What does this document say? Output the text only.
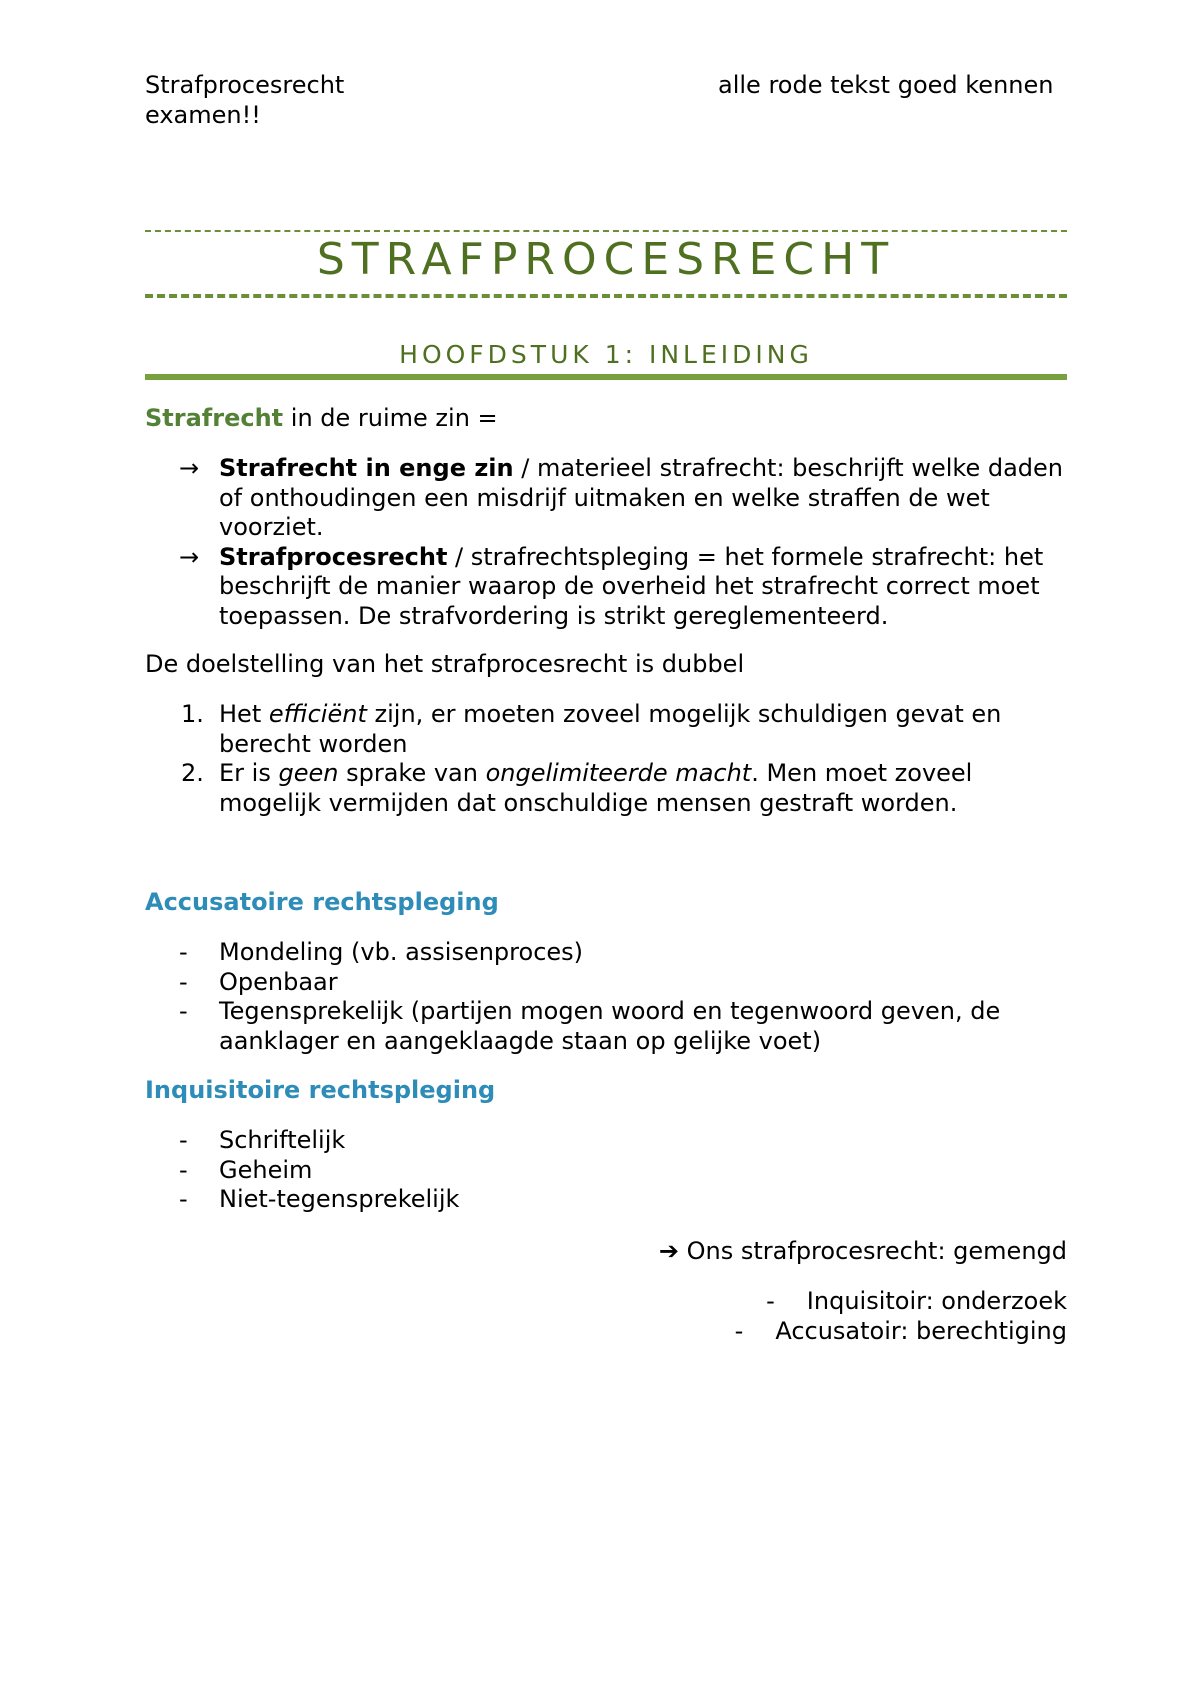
Strafprocesrecht
examen!!
alle rode tekst goed kennen
STRAFPROCESRECHT
HOOFDSTUK 1: INLEIDING
Strafrecht in de ruime zin =
→ Strafrecht in enge zin / materieel strafrecht: beschrijft welke daden of onthoudingen een misdrijf uitmaken en welke straffen de wet voorziet.
→ Strafprocesrecht / strafrechtspleging = het formele strafrecht: het beschrijft de manier waarop de overheid het strafrecht correct moet toepassen. De strafvordering is strikt gereglementeerd.
De doelstelling van het strafprocesrecht is dubbel
1. Het efficiënt zijn, er moeten zoveel mogelijk schuldigen gevat en berecht worden
2. Er is geen sprake van ongelimiteerde macht. Men moet zoveel mogelijk vermijden dat onschuldige mensen gestraft worden.
Accusatoire rechtspleging
- Mondeling (vb. assisenproces)
- Openbaar
- Tegensprekelijk (partijen mogen woord en tegenwoord geven, de aanklager en aangeklaagde staan op gelijke voet)
Inquisitoire rechtspleging
- Schriftelijk
- Geheim
- Niet-tegensprekelijk
➔ Ons strafprocesrecht: gemengd
- Inquisitoir: onderzoek
- Accusatoir: berechtiging
